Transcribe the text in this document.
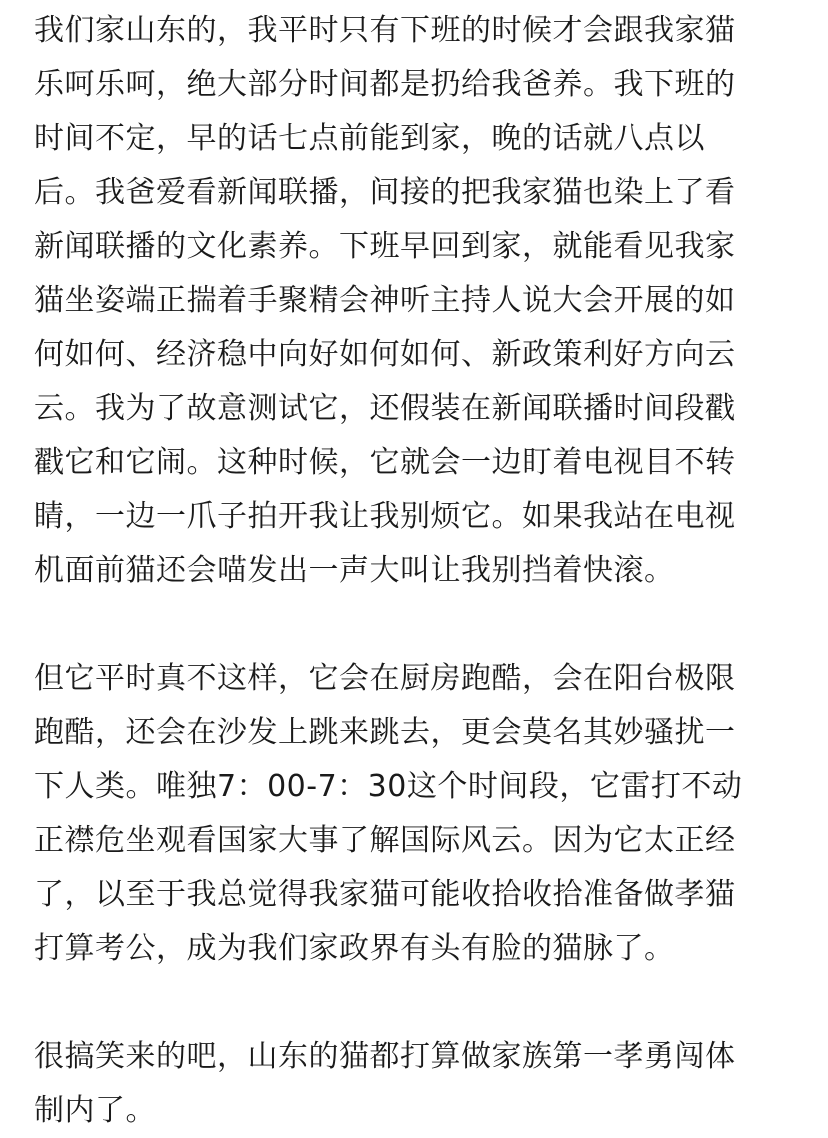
我们家山东的，我平时只有下班的时候才会跟我家猫
乐呵乐呵，绝大部分时间都是扔给我爸养。我下班的
时间不定，早的话七点前能到家，晚的话就八点以
后。我爸爱看新闻联播，间接的把我家猫也染上了看
新闻联播的文化素养。下班早回到家，就能看见我家
猫坐姿端正揣着手聚精会神听主持人说大会开展的如
何如何、经济稳中向好如何如何、新政策利好方向云
云。我为了故意测试它，还假装在新闻联播时间段戳
戳它和它闹。这种时候，它就会一边盯着电视目不转
睛，一边一爪子拍开我让我别烦它。如果我站在电视
机面前猫还会喵发出一声大叫让我别挡着快滚。

但它平时真不这样，它会在厨房跑酷，会在阳台极限
跑酷，还会在沙发上跳来跳去，更会莫名其妙骚扰一
下人类。唯独7：00-7：30这个时间段，它雷打不动
正襟危坐观看国家大事了解国际风云。因为它太正经
了，以至于我总觉得我家猫可能收拾收拾准备做孝猫
打算考公，成为我们家政界有头有脸的猫脉了。

很搞笑来的吧，山东的猫都打算做家族第一孝勇闯体
制内了。
